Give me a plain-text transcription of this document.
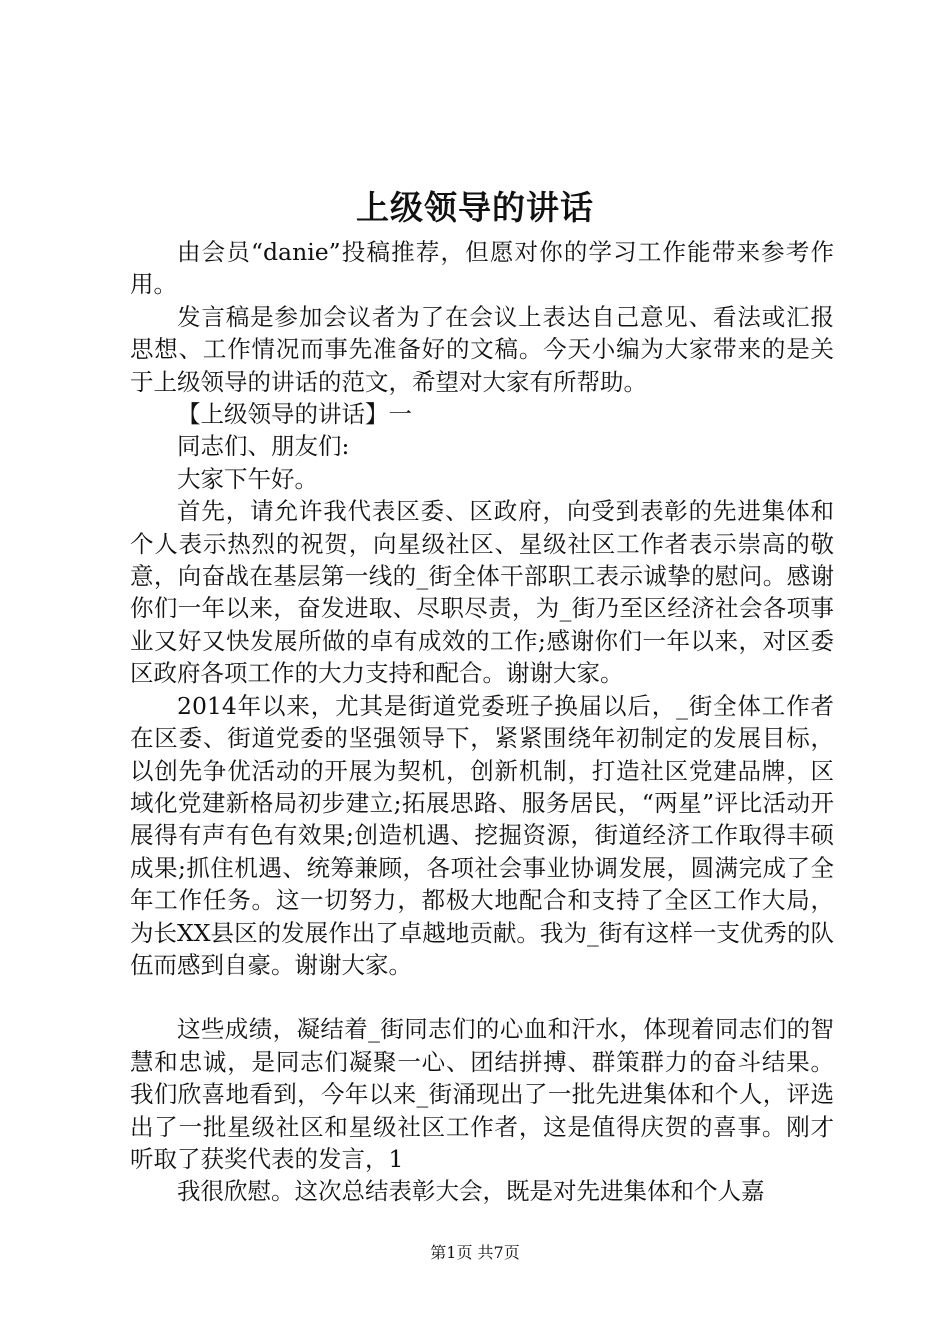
上级领导的讲话

由会员“danie”投稿推荐，但愿对你的学习工作能带来参考作用。

发言稿是参加会议者为了在会议上表达自己意见、看法或汇报思想、工作情况而事先准备好的文稿。今天小编为大家带来的是关于上级领导的讲话的范文，希望对大家有所帮助。

【上级领导的讲话】一

同志们、朋友们:

大家下午好。

首先，请允许我代表区委、区政府，向受到表彰的先进集体和个人表示热烈的祝贺，向星级社区、星级社区工作者表示崇高的敬意，向奋战在基层第一线的_街全体干部职工表示诚挚的慰问。感谢你们一年以来，奋发进取、尽职尽责，为_街乃至区经济社会各项事业又好又快发展所做的卓有成效的工作;感谢你们一年以来，对区委区政府各项工作的大力支持和配合。谢谢大家。

2014年以来，尤其是街道党委班子换届以后，_街全体工作者在区委、街道党委的坚强领导下，紧紧围绕年初制定的发展目标，以创先争优活动的开展为契机，创新机制，打造社区党建品牌，区域化党建新格局初步建立;拓展思路、服务居民，“两星”评比活动开展得有声有色有效果;创造机遇、挖掘资源，街道经济工作取得丰硕成果;抓住机遇、统筹兼顾，各项社会事业协调发展，圆满完成了全年工作任务。这一切努力，都极大地配合和支持了全区工作大局，为长XX县区的发展作出了卓越地贡献。我为_街有这样一支优秀的队伍而感到自豪。谢谢大家。

这些成绩，凝结着_街同志们的心血和汗水，体现着同志们的智慧和忠诚，是同志们凝聚一心、团结拼搏、群策群力的奋斗结果。我们欣喜地看到，今年以来_街涌现出了一批先进集体和个人，评选出了一批星级社区和星级社区工作者，这是值得庆贺的喜事。刚才听取了获奖代表的发言，1

我很欣慰。这次总结表彰大会，既是对先进集体和个人嘉

第1页 共7页
